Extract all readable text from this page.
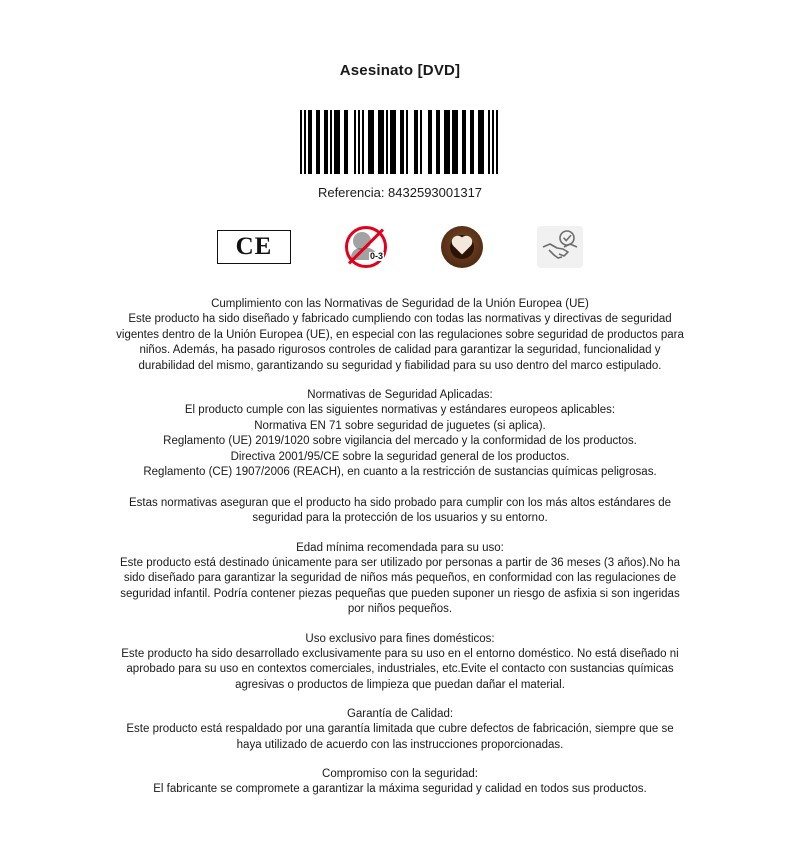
Asesinato [DVD]
Referencia: 8432593001317
CE	0-3
Cumplimiento con las Normativas de Seguridad de la Unión Europea (UE)
Este producto ha sido diseñado y fabricado cumpliendo con todas las normativas y directivas de seguridad
vigentes dentro de la Unión Europea (UE), en especial con las regulaciones sobre seguridad de productos para
niños. Además, ha pasado rigurosos controles de calidad para garantizar la seguridad, funcionalidad y
durabilidad del mismo, garantizando su seguridad y fiabilidad para su uso dentro del marco estipulado.
Normativas de Seguridad Aplicadas:
El producto cumple con las siguientes normativas y estándares europeos aplicables:
Normativa EN 71 sobre seguridad de juguetes (si aplica).
Reglamento (UE) 2019/1020 sobre vigilancia del mercado y la conformidad de los productos.
Directiva 2001/95/CE sobre la seguridad general de los productos.
Reglamento (CE) 1907/2006 (REACH), en cuanto a la restricción de sustancias químicas peligrosas.
Estas normativas aseguran que el producto ha sido probado para cumplir con los más altos estándares de
seguridad para la protección de los usuarios y su entorno.
Edad mínima recomendada para su uso:
Este producto está destinado únicamente para ser utilizado por personas a partir de 36 meses (3 años).No ha
sido diseñado para garantizar la seguridad de niños más pequeños, en conformidad con las regulaciones de
seguridad infantil. Podría contener piezas pequeñas que pueden suponer un riesgo de asfixia si son ingeridas
por niños pequeños.
Uso exclusivo para fines domésticos:
Este producto ha sido desarrollado exclusivamente para su uso en el entorno doméstico. No está diseñado ni
aprobado para su uso en contextos comerciales, industriales, etc.Evite el contacto con sustancias químicas
agresivas o productos de limpieza que puedan dañar el material.
Garantía de Calidad:
Este producto está respaldado por una garantía limitada que cubre defectos de fabricación, siempre que se
haya utilizado de acuerdo con las instrucciones proporcionadas.
Compromiso con la seguridad:
El fabricante se compromete a garantizar la máxima seguridad y calidad en todos sus productos.
